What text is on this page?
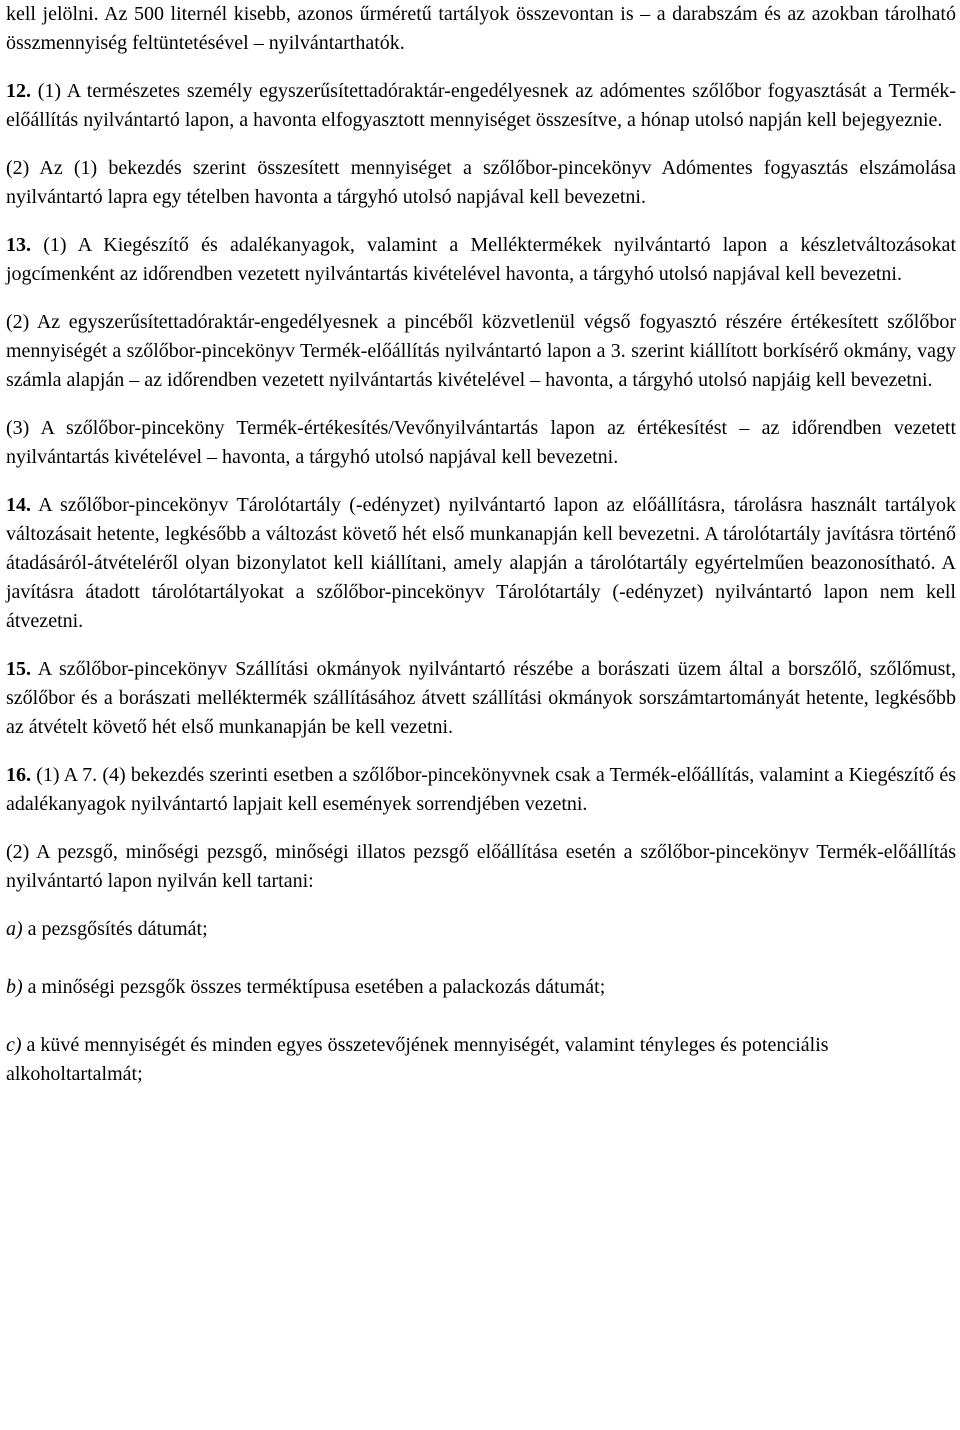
kell jelölni. Az 500 liternél kisebb, azonos űrméretű tartályok összevontan is – a darabszám és az azokban tárolható összmennyiség feltüntetésével – nyilvántarthatók.

12. (1) A természetes személy egyszerűsítettadóraktár-engedélyesnek az adómentes szőlőbor fogyasztását a Termék-előállítás nyilvántartó lapon, a havonta elfogyasztott mennyiséget összesítve, a hónap utolsó napján kell bejegyeznie.

(2) Az (1) bekezdés szerint összesített mennyiséget a szőlőbor-pincekönyv Adómentes fogyasztás elszámolása nyilvántartó lapra egy tételben havonta a tárgyhó utolsó napjával kell bevezetni.

13. (1) A Kiegészítő és adalékanyagok, valamint a Melléktermékek nyilvántartó lapon a készletváltozásokat jogcímenként az időrendben vezetett nyilvántartás kivételével havonta, a tárgyhó utolsó napjával kell bevezetni.

(2) Az egyszerűsítettadóraktár-engedélyesnek a pincéből közvetlenül végső fogyasztó részére értékesített szőlőbor mennyiségét a szőlőbor-pincekönyv Termék-előállítás nyilvántartó lapon a 3. szerint kiállított borkísérő okmány, vagy számla alapján – az időrendben vezetett nyilvántartás kivételével – havonta, a tárgyhó utolsó napjáig kell bevezetni.

(3) A szőlőbor-pinceköny Termék-értékesítés/Vevőnyilvántartás lapon az értékesítést – az időrendben vezetett nyilvántartás kivételével – havonta, a tárgyhó utolsó napjával kell bevezetni.

14. A szőlőbor-pincekönyv Tárolótartály (-edényzet) nyilvántartó lapon az előállításra, tárolásra használt tartályok változásait hetente, legkésőbb a változást követő hét első munkanapján kell bevezetni. A tárolótartály javításra történő átadásáról-átvételéről olyan bizonylatot kell kiállítani, amely alapján a tárolótartály egyértelműen beazonosítható. A javításra átadott tárolótartályokat a szőlőbor-pincekönyv Tárolótartály (-edényzet) nyilvántartó lapon nem kell átvezetni.

15. A szőlőbor-pincekönyv Szállítási okmányok nyilvántartó részébe a borászati üzem által a borszőlő, szőlőmust, szőlőbor és a borászati melléktermék szállításához átvett szállítási okmányok sorszámtartományát hetente, legkésőbb az átvételt követő hét első munkanapján be kell vezetni.

16. (1) A 7. (4) bekezdés szerinti esetben a szőlőbor-pincekönyvnek csak a Termék-előállítás, valamint a Kiegészítő és adalékanyagok nyilvántartó lapjait kell események sorrendjében vezetni.

(2) A pezsgő, minőségi pezsgő, minőségi illatos pezsgő előállítása esetén a szőlőbor-pincekönyv Termék-előállítás nyilvántartó lapon nyilván kell tartani:

a) a pezsgősítés dátumát;

b) a minőségi pezsgők összes terméktípusa esetében a palackozás dátumát;

c) a küvé mennyiségét és minden egyes összetevőjének mennyiségét, valamint tényleges és potenciális alkoholtartalmát;
